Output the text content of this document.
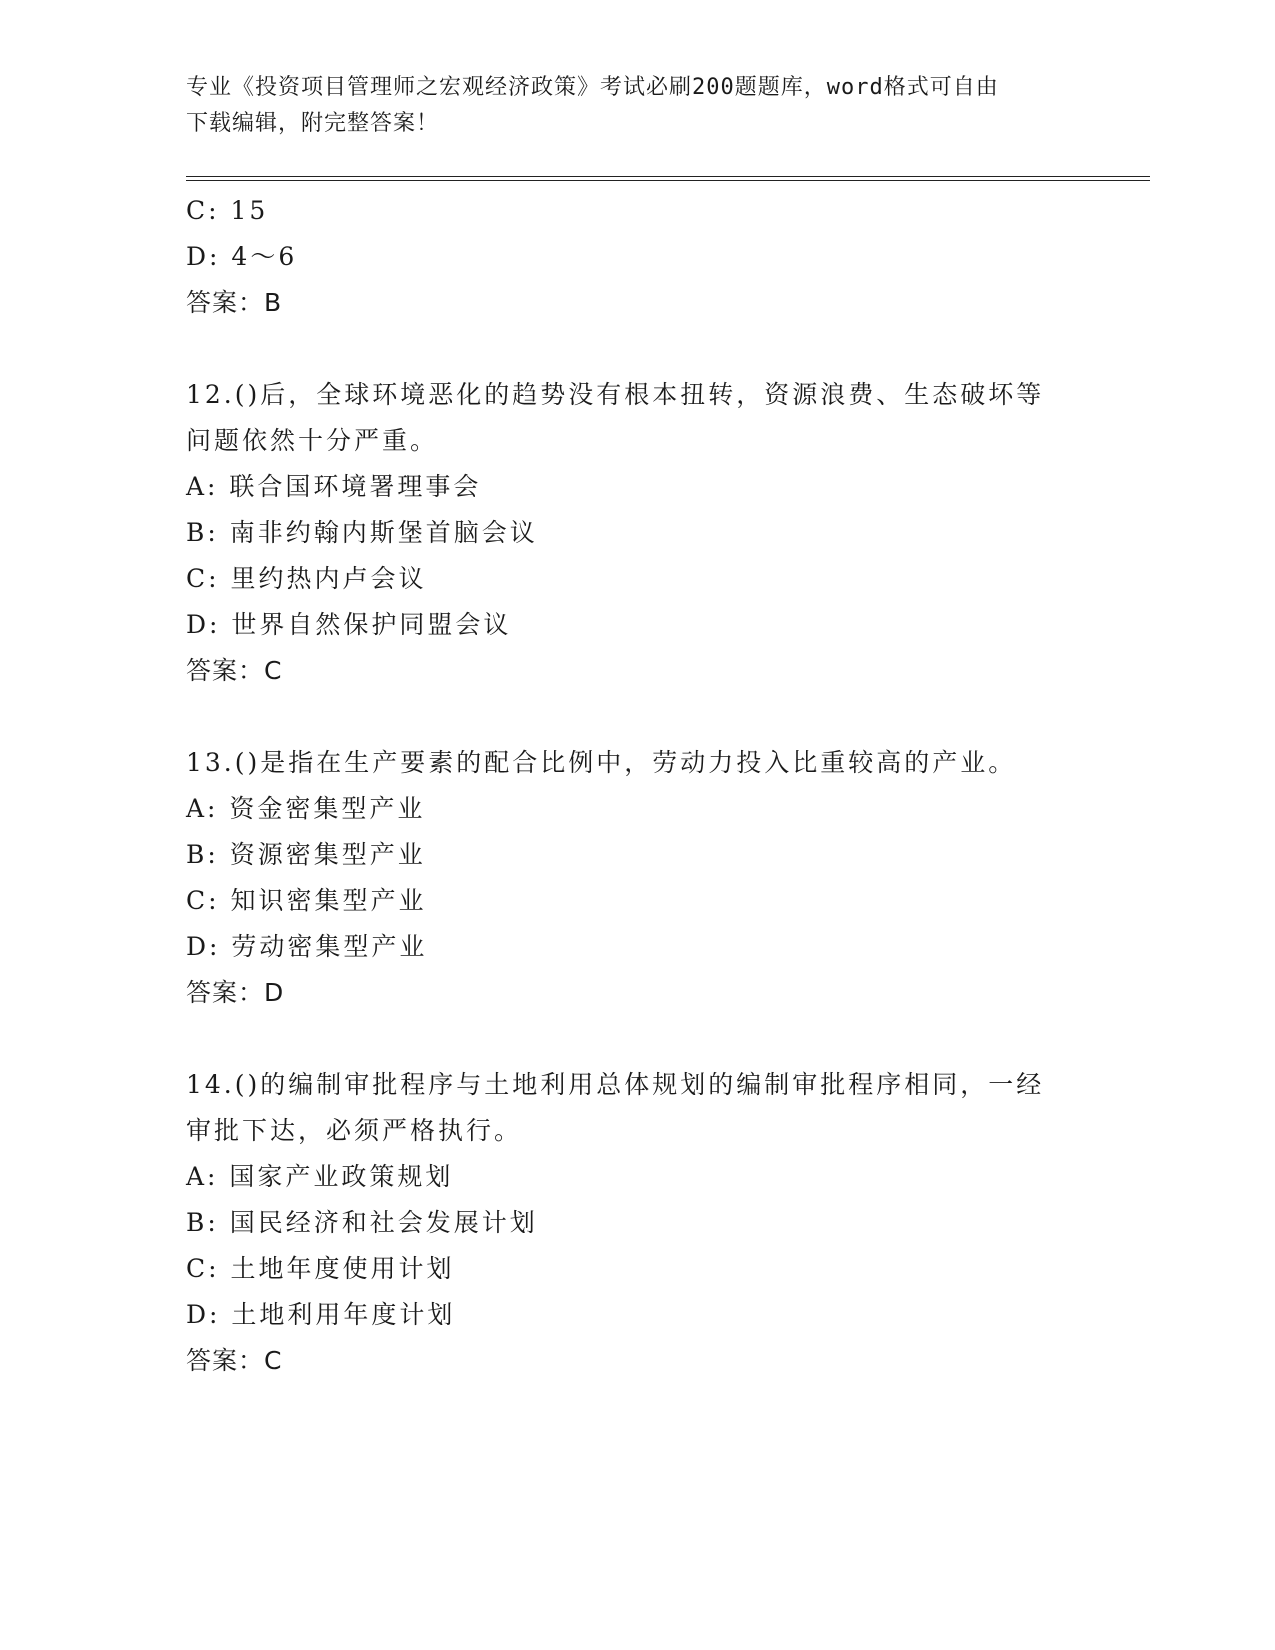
专业《投资项目管理师之宏观经济政策》考试必刷200题题库，word格式可自由
下载编辑，附完整答案！
C: 15
D: 4～6
答案：B
12.()后，全球环境恶化的趋势没有根本扭转，资源浪费、生态破坏等
问题依然十分严重。
A: 联合国环境署理事会
B: 南非约翰内斯堡首脑会议
C: 里约热内卢会议
D: 世界自然保护同盟会议
答案：C
13.()是指在生产要素的配合比例中，劳动力投入比重较高的产业。
A: 资金密集型产业
B: 资源密集型产业
C: 知识密集型产业
D: 劳动密集型产业
答案：D
14.()的编制审批程序与土地利用总体规划的编制审批程序相同，一经
审批下达，必须严格执行。
A: 国家产业政策规划
B: 国民经济和社会发展计划
C: 土地年度使用计划
D: 土地利用年度计划
答案：C
